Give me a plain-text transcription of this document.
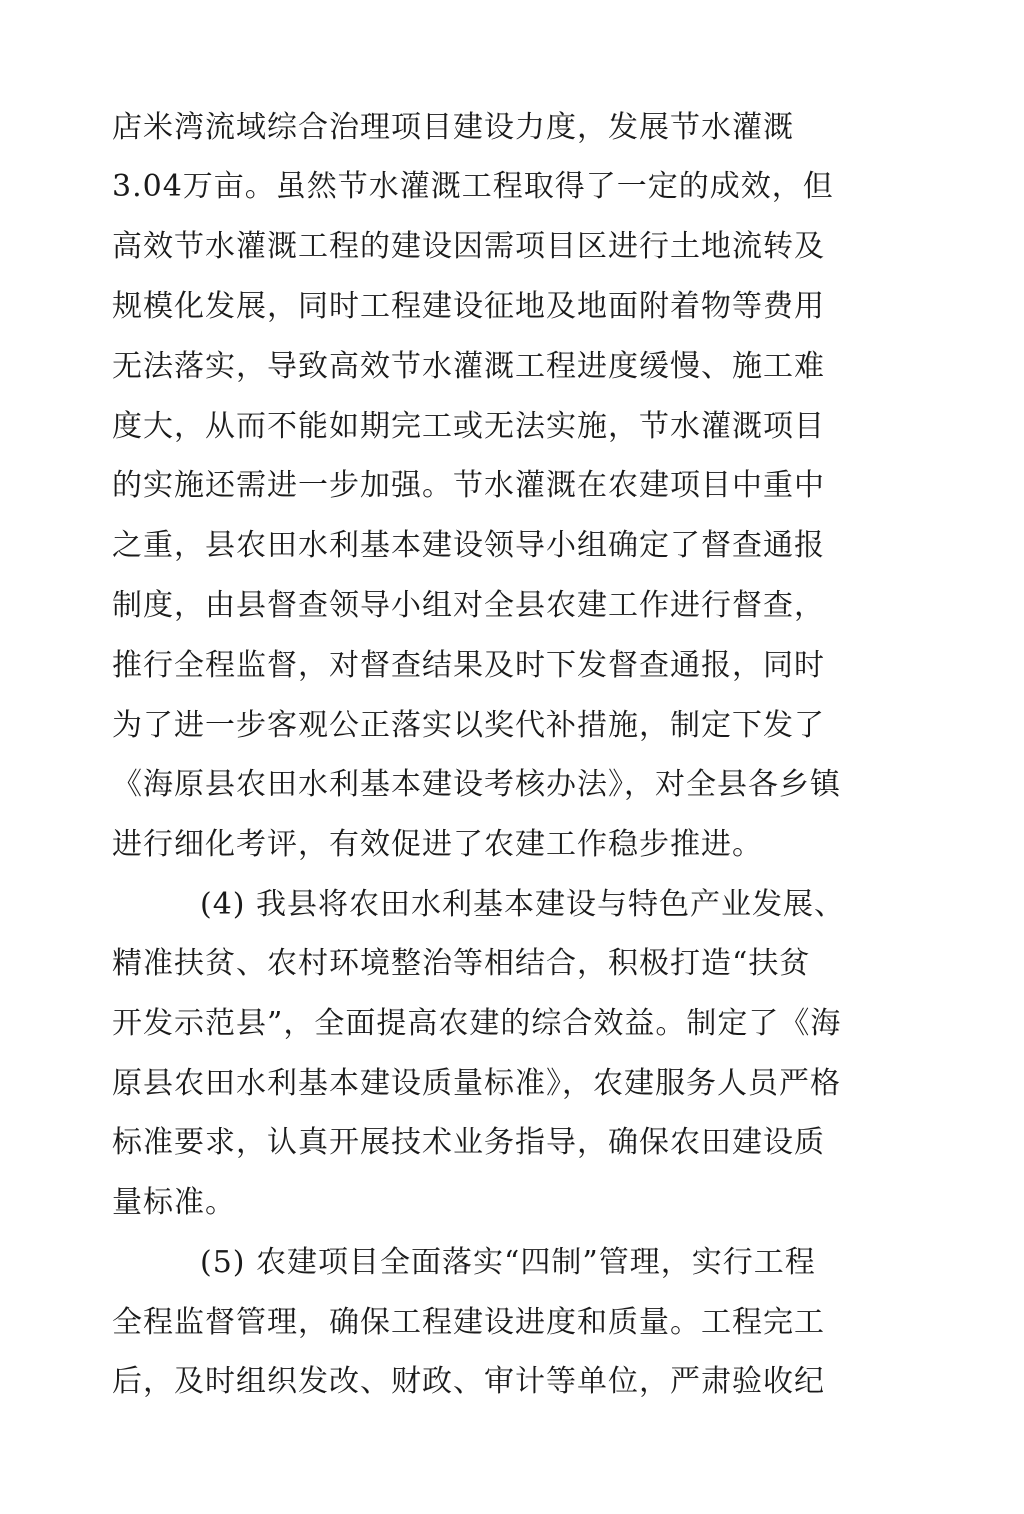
店米湾流域综合治理项目建设力度，发展节水灌溉
3.04万亩。虽然节水灌溉工程取得了一定的成效，但
高效节水灌溉工程的建设因需项目区进行土地流转及
规模化发展，同时工程建设征地及地面附着物等费用
无法落实，导致高效节水灌溉工程进度缓慢、施工难
度大，从而不能如期完工或无法实施，节水灌溉项目
的实施还需进一步加强。节水灌溉在农建项目中重中
之重，县农田水利基本建设领导小组确定了督查通报
制度，由县督查领导小组对全县农建工作进行督查，
推行全程监督，对督查结果及时下发督查通报，同时
为了进一步客观公正落实以奖代补措施，制定下发了
《海原县农田水利基本建设考核办法》，对全县各乡镇
进行细化考评，有效促进了农建工作稳步推进。
(4) 我县将农田水利基本建设与特色产业发展、
精准扶贫、农村环境整治等相结合，积极打造“扶贫
开发示范县”，全面提高农建的综合效益。制定了《海
原县农田水利基本建设质量标准》，农建服务人员严格
标准要求，认真开展技术业务指导，确保农田建设质
量标准。
(5) 农建项目全面落实“四制”管理，实行工程
全程监督管理，确保工程建设进度和质量。工程完工
后，及时组织发改、财政、审计等单位，严肃验收纪
